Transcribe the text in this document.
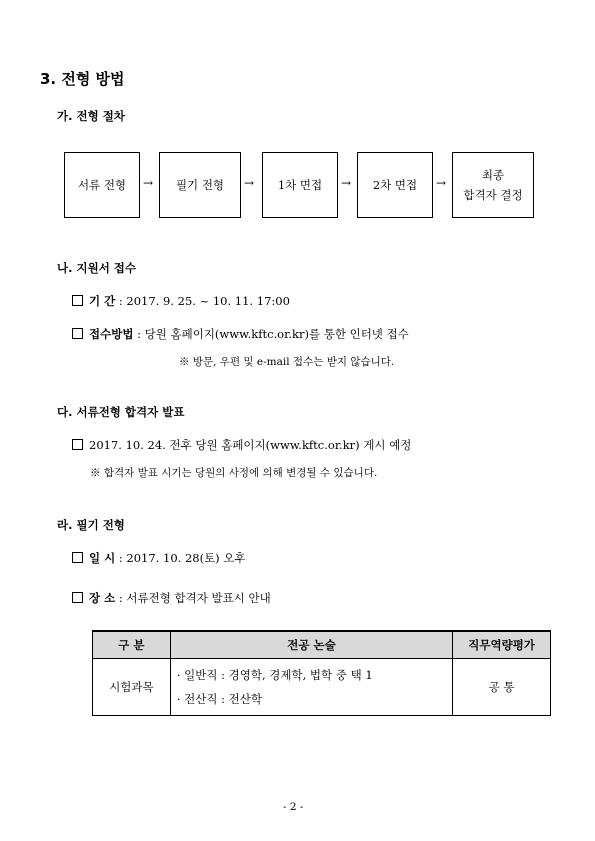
3. 전형 방법
가. 전형 절차
서류 전형 → 필기 전형 → 1차 면접 → 2차 면접 →
최종
합격자 결정
나. 지원서 접수
기 간 : 2017. 9. 25. ~ 10. 11. 17:00
접수방법 : 당원 홈페이지(www.kftc.or.kr)를 통한 인터넷 접수
※ 방문, 우편 및 e-mail 접수는 받지 않습니다.
다. 서류전형 합격자 발표
2017. 10. 24. 전후 당원 홈페이지(www.kftc.or.kr) 게시 예정
※ 합격자 발표 시기는 당원의 사정에 의해 변경될 수 있습니다.
라. 필기 전형
일 시 : 2017. 10. 28(토) 오후
장 소 : 서류전형 합격자 발표시 안내
구 분	전공 논술	직무역량평가
시험과목	· 일반직 : 경영학, 경제학, 법학 중 택 1
· 전산직 : 전산학	공 통
- 2 -
